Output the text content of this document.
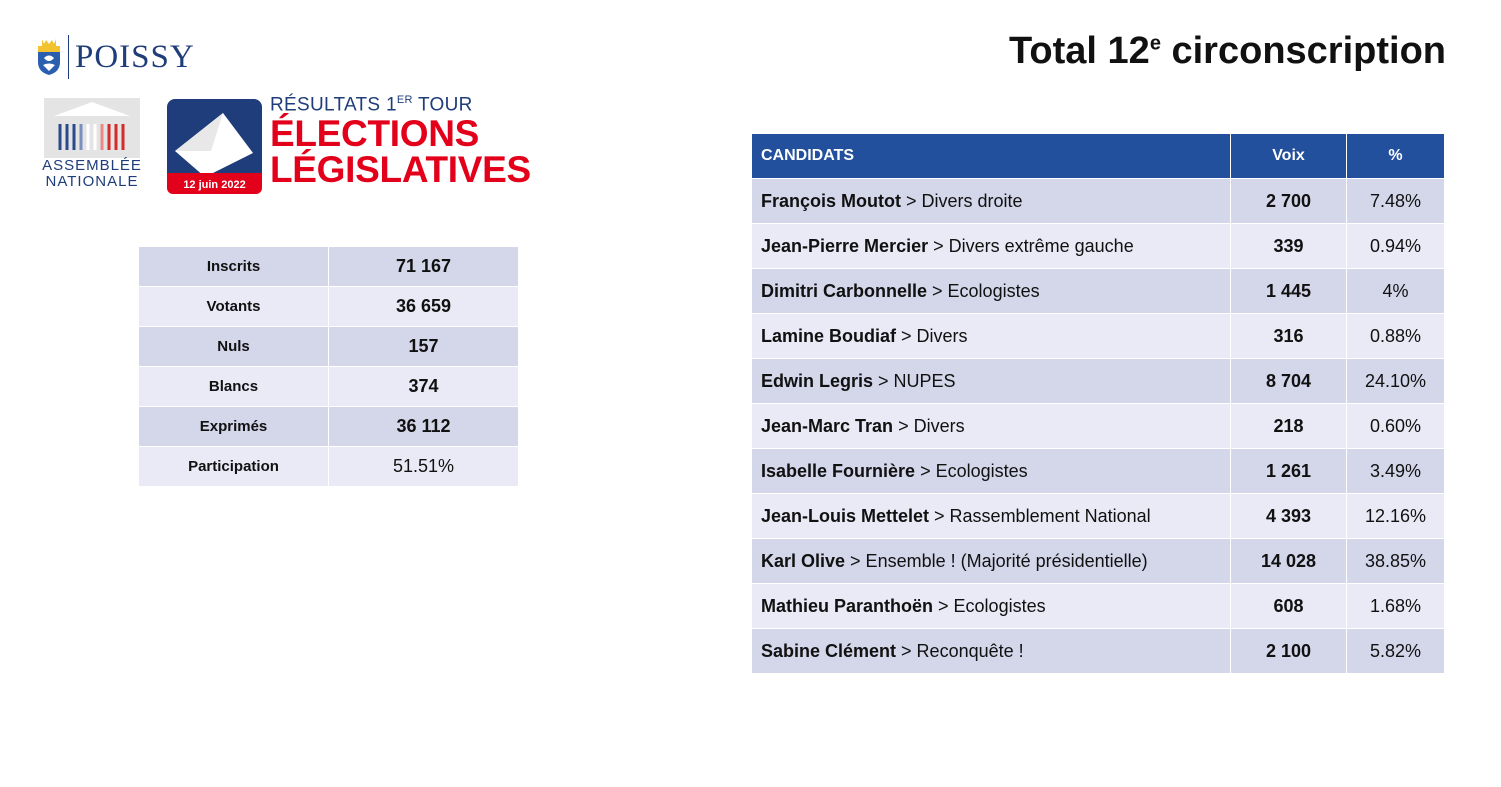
POISSY
ASSEMBLÉE
NATIONALE	12 juin 2022
RÉSULTATS 1ER TOUR
ÉLECTIONS
LÉGISLATIVES
Total 12e circonscription
Inscrits	71 167
Votants	36 659
Nuls	157
Blancs	374
Exprimés	36 112
Participation	51.51%
CANDIDATS	Voix	%
François Moutot > Divers droite	2 700	7.48%
Jean-Pierre Mercier > Divers extrême gauche	339	0.94%
Dimitri Carbonnelle > Ecologistes	1 445	4%
Lamine Boudiaf > Divers	316	0.88%
Edwin Legris > NUPES	8 704	24.10%
Jean-Marc Tran > Divers	218	0.60%
Isabelle Fournière > Ecologistes	1 261	3.49%
Jean-Louis Mettelet > Rassemblement National	4 393	12.16%
Karl Olive > Ensemble ! (Majorité présidentielle)	14 028	38.85%
Mathieu Paranthoën > Ecologistes	608	1.68%
Sabine Clément > Reconquête !	2 100	5.82%
